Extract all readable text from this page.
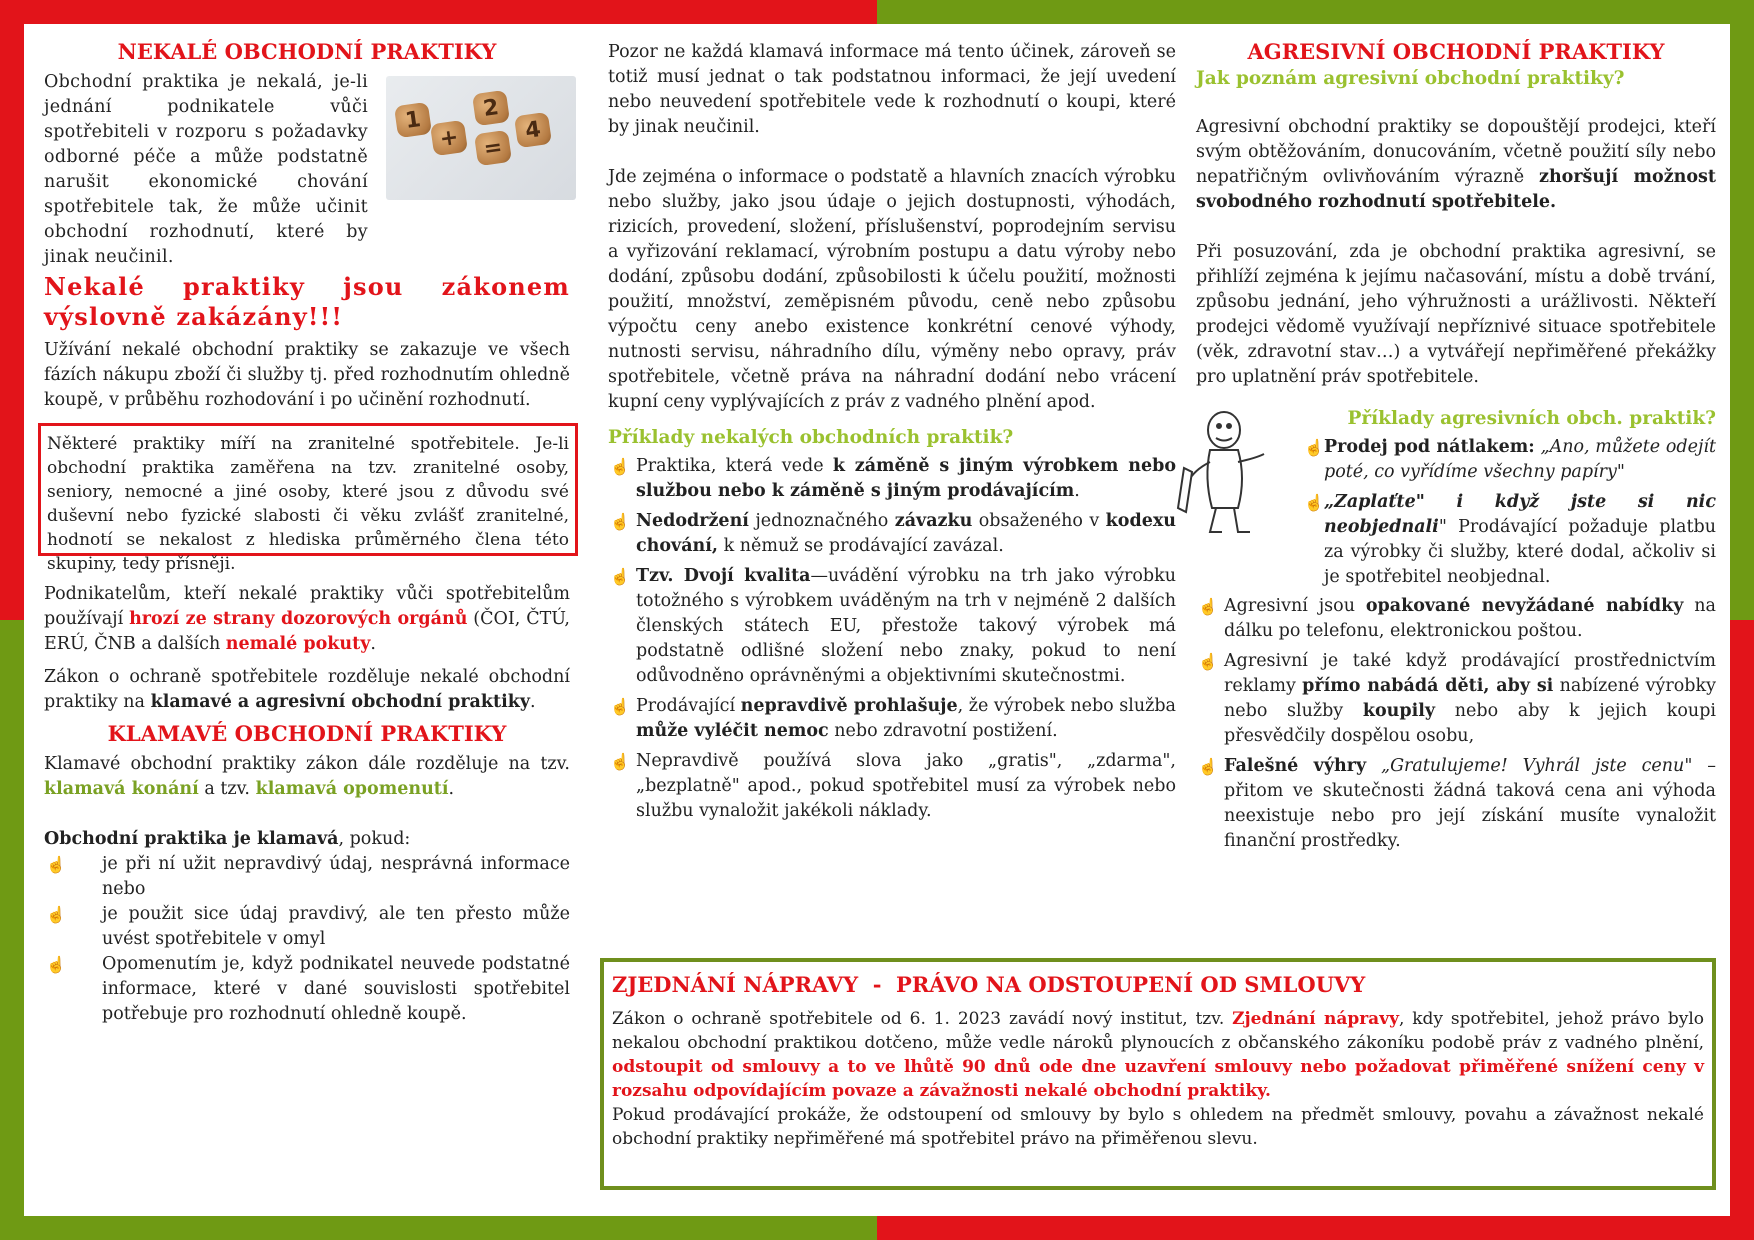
NEKALÉ OBCHODNÍ PRAKTIKY
1
+
2
=
4

Obchodní praktika je nekalá, je-li jednání podnikatele vůči spotřebiteli v rozporu s požadavky odborné péče a může podstatně narušit ekonomické chování spotřebitele tak, že může učinit obchodní rozhodnutí, které by jinak neučinil.

Nekalé praktiky jsou zákonem výslovně zakázány!!!

Užívání nekalé obchodní praktiky se zakazuje ve všech fázích nákupu zboží či služby tj. před rozhodnutím ohledně koupě, v průběhu rozhodování i po učinění rozhodnutí.

Některé praktiky míří na zranitelné spotřebitele. Je-li obchodní praktika zaměřena na tzv. zranitelné osoby, seniory, nemocné a jiné osoby, které jsou z důvodu své duševní nebo fyzické slabosti či věku zvlášť zranitelné, hodnotí se nekalost z hlediska průměrného člena této skupiny, tedy přísněji.

Podnikatelům, kteří nekalé praktiky vůči spotřebitelům používají hrozí ze strany dozorových orgánů (ČOI, ČTÚ, ERÚ, ČNB a dalších nemalé pokuty.

Zákon o ochraně spotřebitele rozděluje nekalé obchodní praktiky na klamavé a agresivní obchodní praktiky.

KLAMAVÉ OBCHODNÍ PRAKTIKY

Klamavé obchodní praktiky zákon dále rozděluje na tzv. klamavá konání a tzv. klamavá opomenutí.

Obchodní praktika je klamavá, pokud:

☝ je při ní užit nepravdivý údaj, nesprávná informace nebo
☝ je použit sice údaj pravdivý, ale ten přesto může uvést spotřebitele v omyl
☝ Opomenutím je, když podnikatel neuvede podstatné informace, které v dané souvislosti spotřebitel potřebuje pro rozhodnutí ohledně koupě.

Pozor ne každá klamavá informace má tento účinek, zároveň se totiž musí jednat o tak podstatnou informaci, že její uvedení nebo neuvedení spotřebitele vede k rozhodnutí o koupi, které by jinak neučinil.

Jde zejména o informace o podstatě a hlavních znacích výrobku nebo služby, jako jsou údaje o jejich dostupnosti, výhodách, rizicích, provedení, složení, příslušenství, poprodejním servisu a vyřizování reklamací, výrobním postupu a datu výroby nebo dodání, způsobu dodání, způsobilosti k účelu použití, možnosti použití, množství, zeměpisném původu, ceně nebo způsobu výpočtu ceny anebo existence konkrétní cenové výhody, nutnosti servisu, náhradního dílu, výměny nebo opravy, práv spotřebitele, včetně práva na náhradní dodání nebo vrácení kupní ceny vyplývajících z práv z vadného plnění apod.

Příklady nekalých obchodních praktik?
☝ Praktika, která vede k záměně s jiným výrobkem nebo službou nebo k záměně s jiným prodávajícím.
☝ Nedodržení jednoznačného závazku obsaženého v kodexu chování, k němuž se prodávající zavázal.
☝ Tzv. Dvojí kvalita—uvádění výrobku na trh jako výrobku totožného s výrobkem uváděným na trh v nejméně 2 dalších členských státech EU, přestože takový výrobek má podstatně odlišné složení nebo znaky, pokud to není odůvodněno oprávněnými a objektivními skutečnostmi.
☝ Prodávající nepravdivě prohlašuje, že výrobek nebo služba může vyléčit nemoc nebo zdravotní postižení.
☝ Nepravdivě používá slova jako „gratis", „zdarma", „bezplatně" apod., pokud spotřebitel musí za výrobek nebo službu vynaložit jakékoli náklady.
AGRESIVNÍ OBCHODNÍ PRAKTIKY
Jak poznám agresivní obchodní praktiky?

Agresivní obchodní praktiky se dopouštějí prodejci, kteří svým obtěžováním, donucováním, včetně použití síly nebo nepatřičným ovlivňováním výrazně zhoršují možnost svobodného rozhodnutí spotřebitele.

Při posuzování, zda je obchodní praktika agresivní, se přihlíží zejména k jejímu načasování, místu a době trvání, způsobu jednání, jeho výhružnosti a urážlivosti. Někteří prodejci vědomě využívají nepříznivé situace spotřebitele (věk, zdravotní stav…) a vytvářejí nepřiměřené překážky pro uplatnění práv spotřebitele.

Příklady agresivních obch. praktik?
☝ Prodej pod nátlakem: „Ano, můžete odejít poté, co vyřídíme všechny papíry"
☝ „Zaplaťte" i když jste si nic neobjednali" Prodávající požaduje platbu za výrobky či služby, které dodal, ačkoliv si je spotřebitel neobjednal.
☝ Agresivní jsou opakované nevyžádané nabídky na dálku po telefonu, elektronickou poštou.
☝ Agresivní je také když prodávající prostřednictvím reklamy přímo nabádá děti, aby si nabízené výrobky nebo služby koupily nebo aby k jejich koupi přesvědčily dospělou osobu,
☝ Falešné výhry „Gratulujeme! Vyhrál jste cenu" – přitom ve skutečnosti žádná taková cena ani výhoda neexistuje nebo pro její získání musíte vynaložit finanční prostředky.
ZJEDNÁNÍ NÁPRAVY  -  PRÁVO NA ODSTOUPENÍ OD SMLOUVY

Zákon o ochraně spotřebitele od 6. 1. 2023 zavádí nový institut, tzv. Zjednání nápravy, kdy spotřebitel, jehož právo bylo nekalou obchodní praktikou dotčeno, může vedle nároků plynoucích z občanského zákoníku podobě práv z vadného plnění, odstoupit od smlouvy a to ve lhůtě 90 dnů ode dne uzavření smlouvy nebo požadovat přiměřené snížení ceny v rozsahu odpovídajícím povaze a závažnosti nekalé obchodní praktiky.

Pokud prodávající prokáže, že odstoupení od smlouvy by bylo s ohledem na předmět smlouvy, povahu a závažnost nekalé obchodní praktiky nepřiměřené má spotřebitel právo na přiměřenou slevu.
